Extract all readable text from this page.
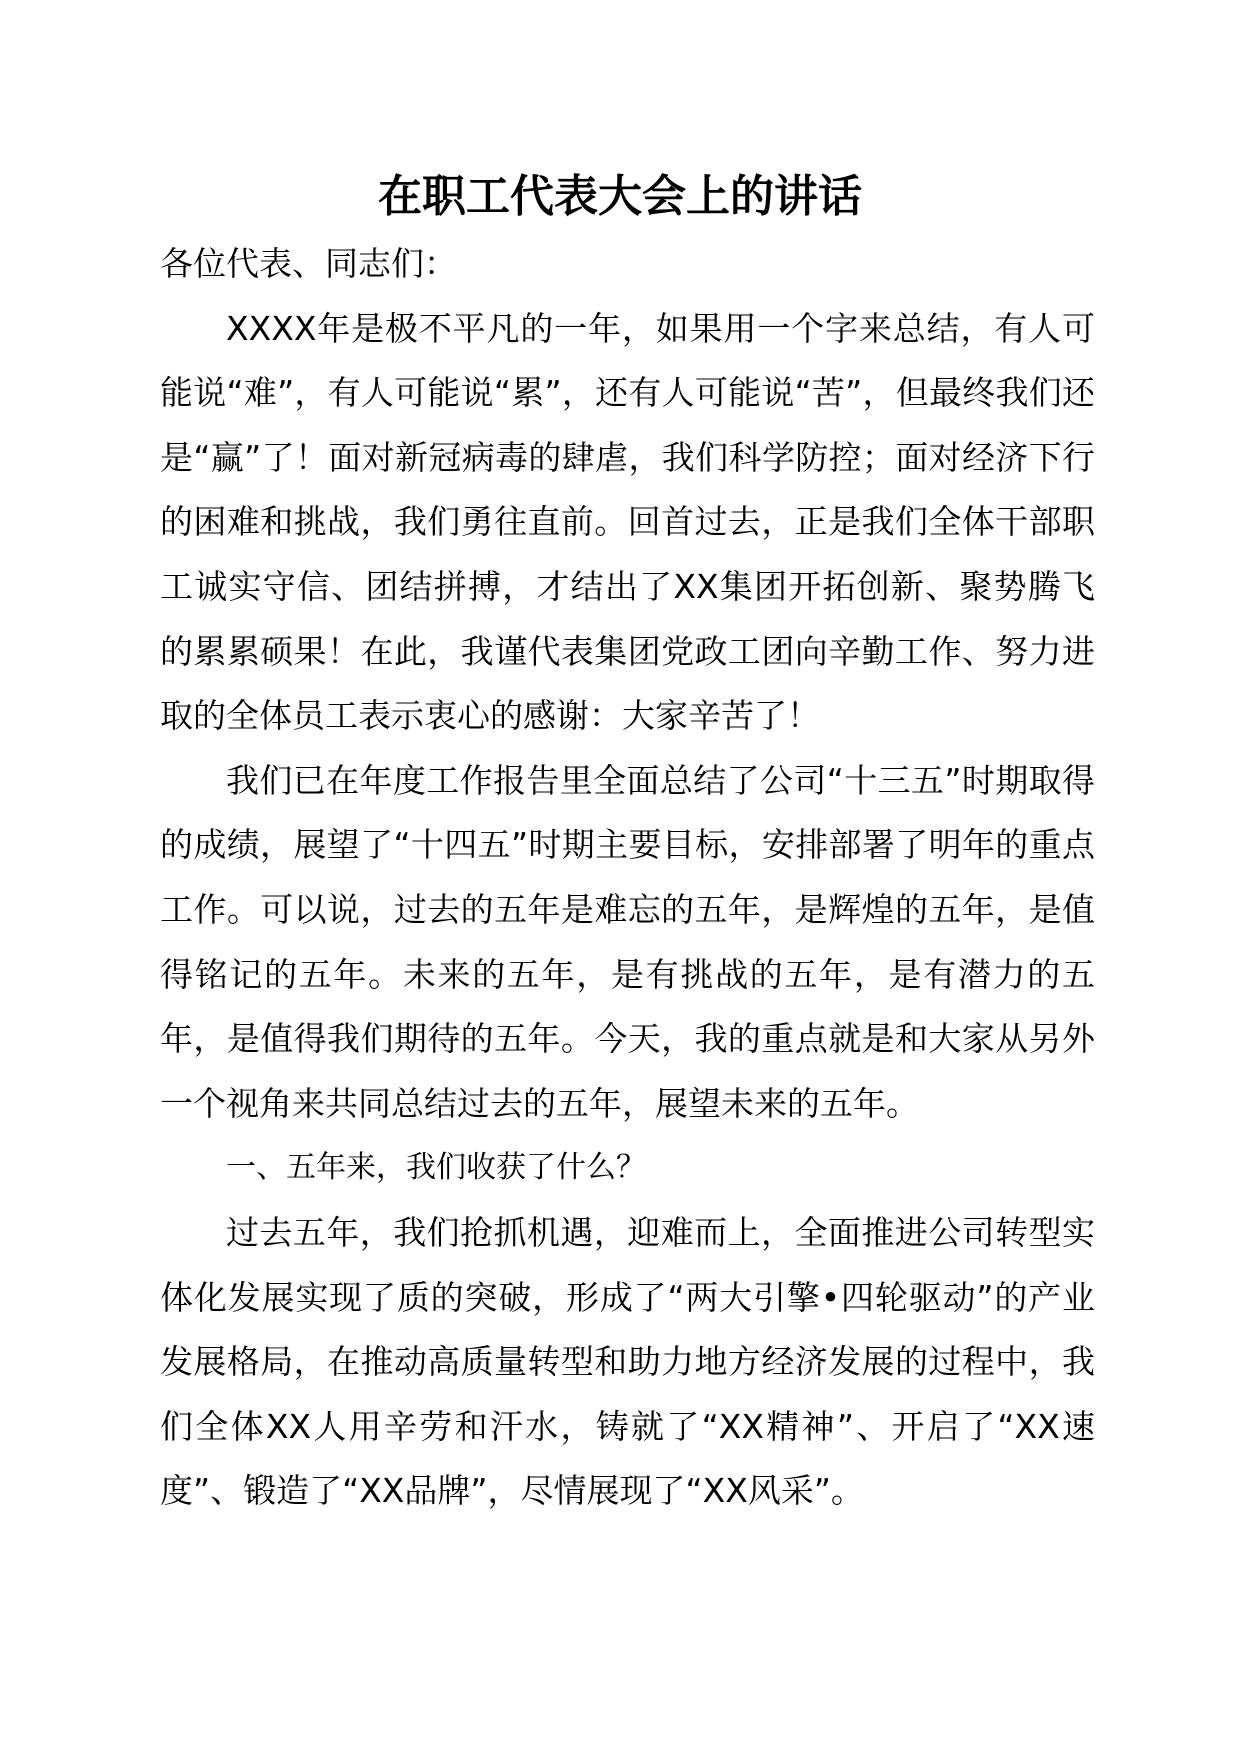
在职工代表大会上的讲话

各位代表、同志们：

XXXX年是极不平凡的一年，如果用一个字来总结，有人可能说“难”，有人可能说“累”，还有人可能说“苦”，但最终我们还是“赢”了！面对新冠病毒的肆虐，我们科学防控；面对经济下行的困难和挑战，我们勇往直前。回首过去，正是我们全体干部职工诚实守信、团结拼搏，才结出了XX集团开拓创新、聚势腾飞的累累硕果！在此，我谨代表集团党政工团向辛勤工作、努力进取的全体员工表示衷心的感谢：大家辛苦了！

我们已在年度工作报告里全面总结了公司“十三五”时期取得的成绩，展望了“十四五”时期主要目标，安排部署了明年的重点工作。可以说，过去的五年是难忘的五年，是辉煌的五年，是值得铭记的五年。未来的五年，是有挑战的五年，是有潜力的五年，是值得我们期待的五年。今天，我的重点就是和大家从另外一个视角来共同总结过去的五年，展望未来的五年。

一、五年来，我们收获了什么？

过去五年，我们抢抓机遇，迎难而上，全面推进公司转型实体化发展实现了质的突破，形成了“两大引擎•四轮驱动”的产业发展格局，在推动高质量转型和助力地方经济发展的过程中，我们全体XX人用辛劳和汗水，铸就了“XX精神”、开启了“XX速度”、锻造了“XX品牌”，尽情展现了“XX风采”。
